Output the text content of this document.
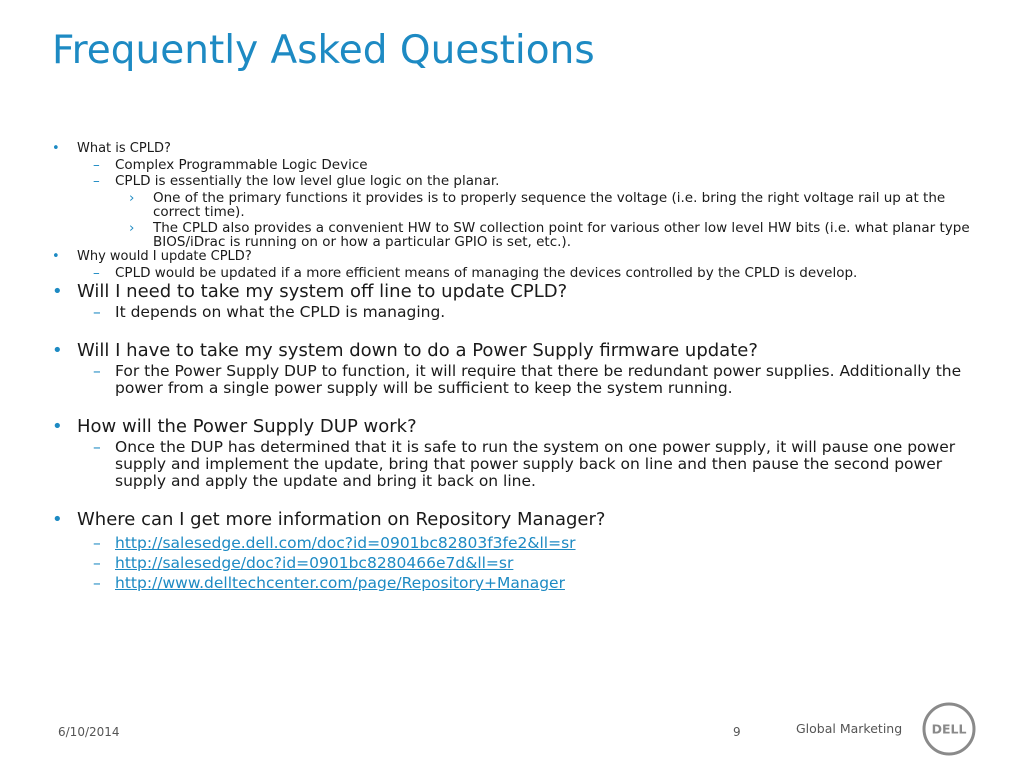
Frequently Asked Questions
• What is CPLD?
– Complex Programmable Logic Device
– CPLD is essentially the low level glue logic on the planar.
› One of the primary functions it provides is to properly sequence the voltage (i.e. bring the right voltage rail up at the correct time).
› The CPLD also provides a convenient HW to SW collection point for various other low level HW bits (i.e. what planar type BIOS/iDrac is running on or how a particular GPIO is set, etc.).
• Why would I update CPLD?
– CPLD would be updated if a more efficient means of managing the devices controlled by the CPLD is develop.
• Will I need to take my system off line to update CPLD?
– It depends on what the CPLD is managing.
• Will I have to take my system down to do a Power Supply firmware update?
– For the Power Supply DUP to function, it will require that there be redundant power supplies. Additionally the power from a single power supply will be sufficient to keep the system running.
• How will the Power Supply DUP work?
– Once the DUP has determined that it is safe to run the system on one power supply, it will pause one power supply and implement the update, bring that power supply back on line and then pause the second power supply and apply the update and bring it back on line.
• Where can I get more information on Repository Manager?
– http://salesedge.dell.com/doc?id=0901bc82803f3fe2&ll=sr
– http://salesedge/doc?id=0901bc8280466e7d&ll=sr
– http://www.delltechcenter.com/page/Repository+Manager
6/10/2014	9	Global Marketing DELL
